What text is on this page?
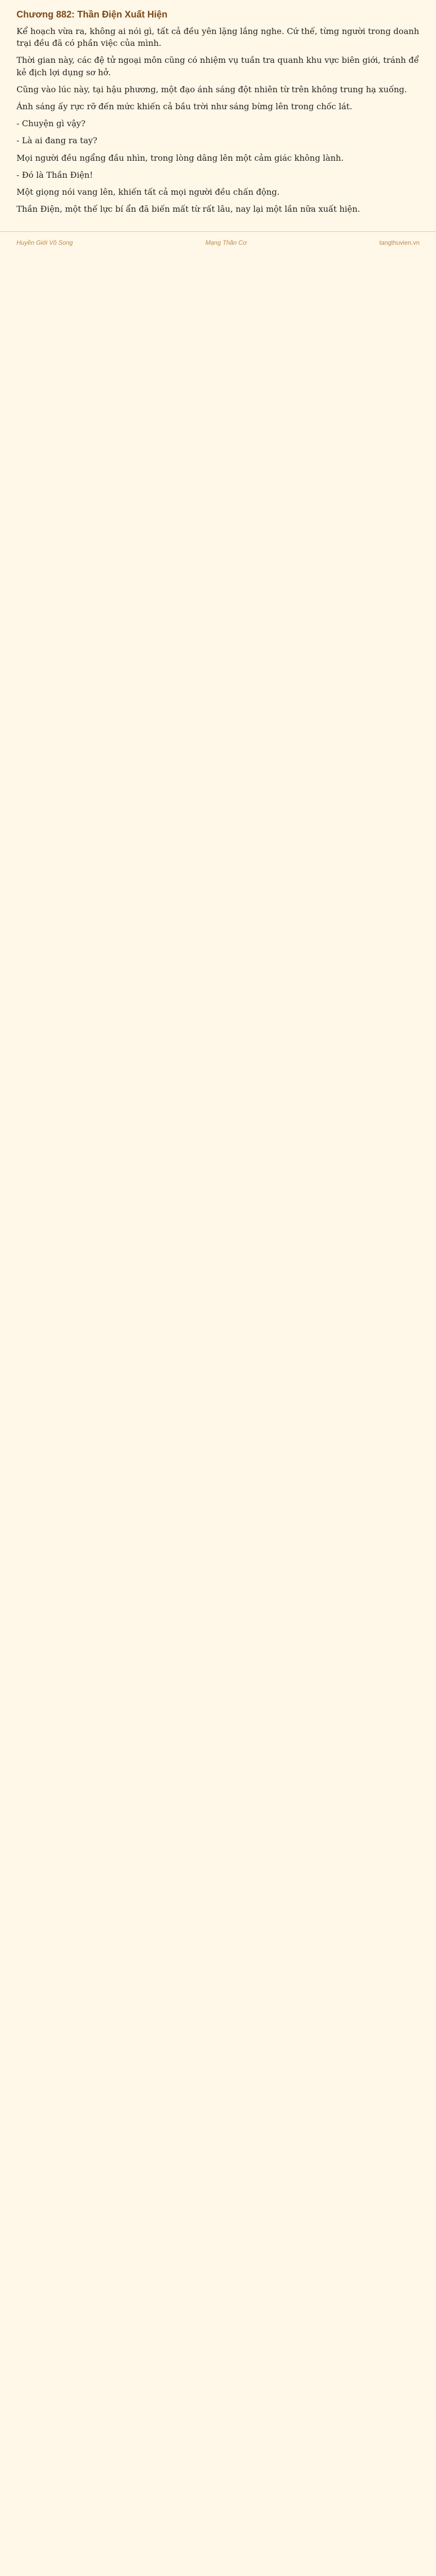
Chương 882: Thần Điện Xuất Hiện
Kể hoạch vừa ra, không ai nói gì, tất cả đều yên lặng lắng nghe. Cứ thế, từng người trong doanh trại đều đã có phần việc của mình.
Thời gian này, các đệ tử ngoại môn cũng có nhiệm vụ tuần tra quanh khu vực biên giới, tránh để kẻ địch lợi dụng sơ hở.
Cũng vào lúc này, tại hậu phương, một đạo ánh sáng đột nhiên từ trên không trung hạ xuống.
Ánh sáng ấy rực rỡ đến mức khiến cả bầu trời như sáng bừng lên trong chốc lát.
- Chuyện gì vậy?
- Là ai đang ra tay?
Mọi người đều ngẩng đầu nhìn, trong lòng dâng lên một cảm giác không lành.
- Đó là Thần Điện!
Một giọng nói vang lên, khiến tất cả mọi người đều chấn động.
Thần Điện, một thế lực bí ẩn đã biến mất từ rất lâu, nay lại một lần nữa xuất hiện.
Huyền Giới Vô Song	Mạng Thần Cơ	tangthuvien.vn
